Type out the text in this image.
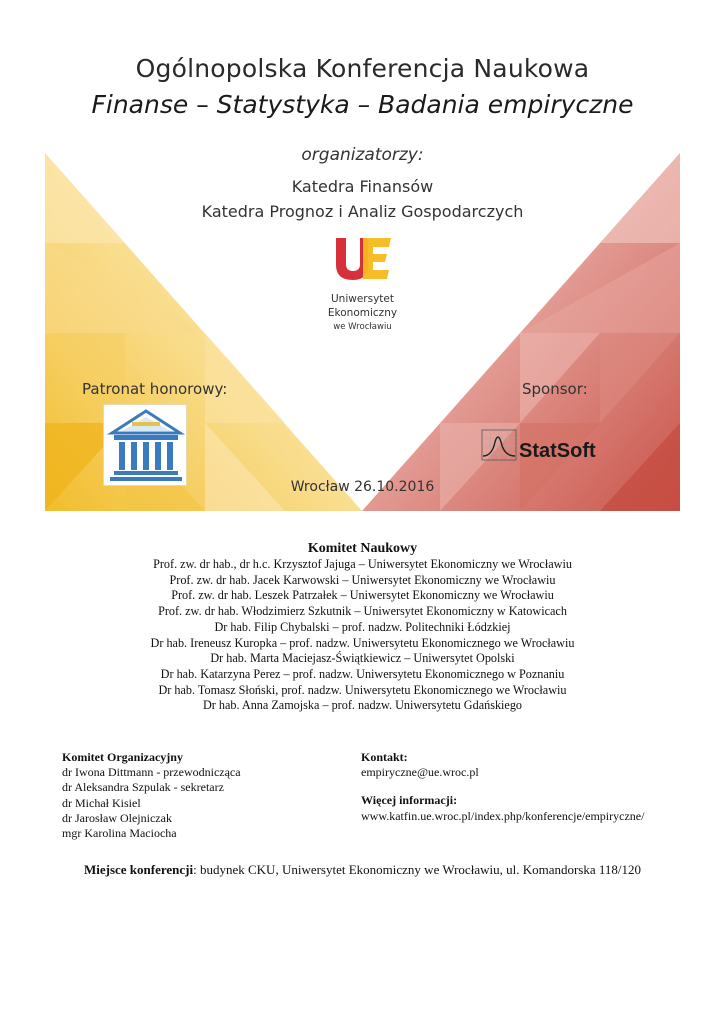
Ogólnopolska Konferencja Naukowa
Finanse – Statystyka – Badania empiryczne
organizatorzy:
Katedra Finansów
Katedra Prognoz i Analiz Gospodarczych
Uniwersytet
Ekonomiczny
we Wrocławiu
Patronat honorowy:	Sponsor:
StatSoft
Wrocław 26.10.2016
Komitet Naukowy
Prof. zw. dr hab., dr h.c. Krzysztof Jajuga – Uniwersytet Ekonomiczny we Wrocławiu
Prof. zw. dr hab. Jacek Karwowski – Uniwersytet Ekonomiczny we Wrocławiu
Prof. zw. dr hab. Leszek Patrzałek – Uniwersytet Ekonomiczny we Wrocławiu
Prof. zw. dr hab. Włodzimierz Szkutnik – Uniwersytet Ekonomiczny w Katowicach
Dr hab. Filip Chybalski – prof. nadzw. Politechniki Łódzkiej
Dr hab. Ireneusz Kuropka – prof. nadzw. Uniwersytetu Ekonomicznego we Wrocławiu
Dr hab. Marta Maciejasz-Świątkiewicz – Uniwersytet Opolski
Dr hab. Katarzyna Perez – prof. nadzw. Uniwersytetu Ekonomicznego w Poznaniu
Dr hab. Tomasz Słoński, prof. nadzw. Uniwersytetu Ekonomicznego we Wrocławiu
Dr hab. Anna Zamojska – prof. nadzw. Uniwersytetu Gdańskiego
Komitet Organizacyjny
dr Iwona Dittmann - przewodnicząca
dr Aleksandra Szpulak - sekretarz
dr Michał Kisiel
dr Jarosław Olejniczak
mgr Karolina Maciocha
Kontakt:
empiryczne@ue.wroc.pl
Więcej informacji:
www.katfin.ue.wroc.pl/index.php/konferencje/empiryczne/
Miejsce konferencji: budynek CKU, Uniwersytet Ekonomiczny we Wrocławiu, ul. Komandorska 118/120
